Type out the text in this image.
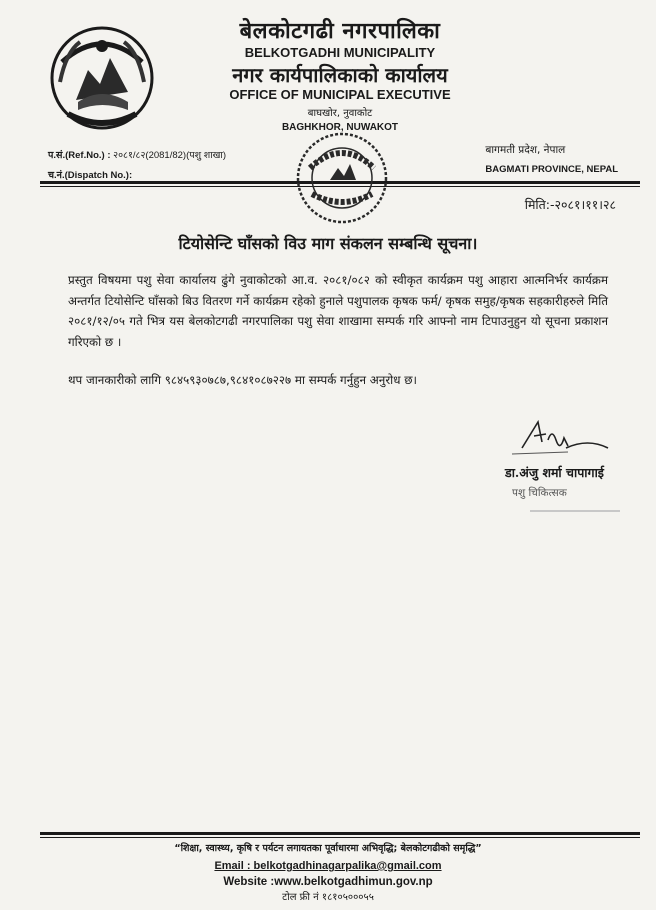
बेलकोटगढी नगरपालिका
BELKOTGADHI MUNICIPALITY
नगर कार्यपालिकाको कार्यालय
OFFICE OF MUNICIPAL EXECUTIVE
बाघखोर, नुवाकोट
BAGHKHOR, NUWAKOT
प.सं.(Ref.No.) : २०८१/८२(2081/82)(पशु शाखा)
च.नं.(Dispatch No.):
बागमती प्रदेश, नेपाल
BAGMATI PROVINCE, NEPAL
मिति:-२०८१।११।२८
टियोसेन्टि घाँसको विउ माग संकलन सम्बन्धि सूचना।
प्रस्तुत विषयमा पशु सेवा कार्यालय ढुंगे नुवाकोटको आ.व. २०८१/०८२ को स्वीकृत कार्यक्रम पशु आहारा आत्मनिर्भर कार्यक्रम अन्तर्गत टियोसेन्टि घाँसको बिउ वितरण गर्ने कार्यक्रम रहेको हुनाले पशुपालक कृषक फर्म/ कृषक समुह/कृषक सहकारीहरुले मिति २०८१/१२/०५ गते भित्र यस बेलकोटगढी नगरपालिका पशु सेवा शाखामा सम्पर्क गरि आफ्नो नाम टिपाउनुहुन यो सूचना प्रकाशन गरिएको छ ।
थप जानकारीको लागि ९८४५९३०७८७,९८४१०८७२२७ मा सम्पर्क गर्नुहुन अनुरोध छ।
डा.अंजु शर्मा चापागाई
पशु चिकित्सक
“शिक्षा, स्वास्थ्य, कृषि र पर्यटन लगायतका पूर्वाधारमा अभिवृद्धि; बेलकोटगढीको समृद्धि”
Email : belkotgadhinagarpalika@gmail.com
Website :www.belkotgadhimun.gov.np
टोल फ्री नं १८१०५०००५५
